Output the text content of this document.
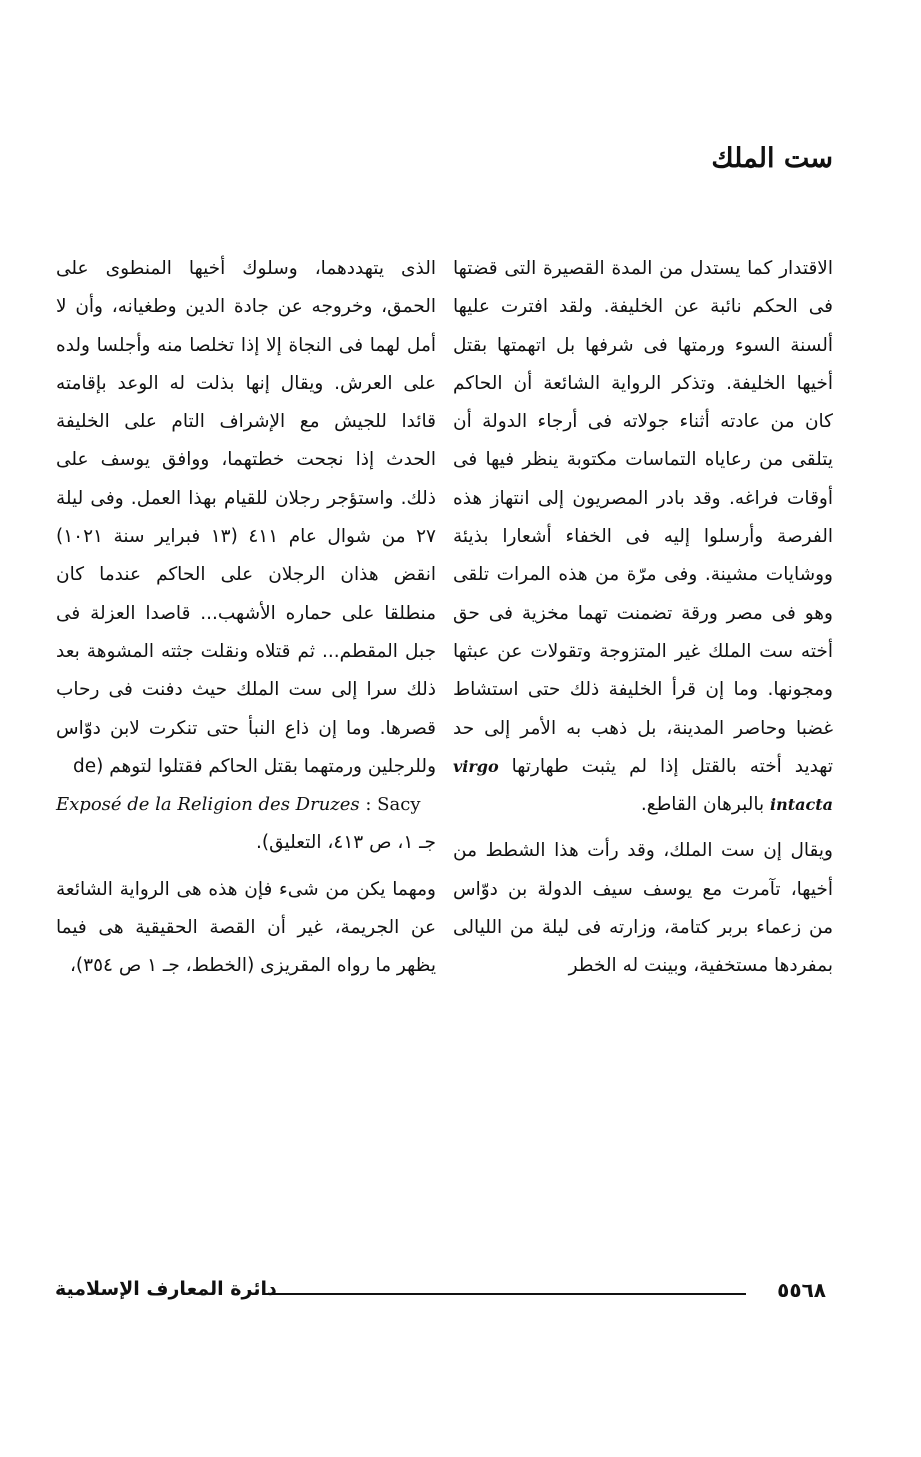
ست الملك

الاقتدار كما يستدل من المدة القصيرة التى قضتها فى الحكم نائبة عن الخليفة. ولقد افترت عليها ألسنة السوء ورمتها فى شرفها بل اتهمتها بقتل أخيها الخليفة. وتذكر الرواية الشائعة أن الحاكم كان من عادته أثناء جولاته فى أرجاء الدولة أن يتلقى من رعاياه التماسات مكتوبة ينظر فيها فى أوقات فراغه. وقد بادر المصريون إلى انتهاز هذه الفرصة وأرسلوا إليه فى الخفاء أشعارا بذيئة ووشايات مشينة. وفى مرّة من هذه المرات تلقى وهو فى مصر ورقة تضمنت تهما مخزية فى حق أخته ست الملك غير المتزوجة وتقولات عن عبثها ومجونها. وما إن قرأ الخليفة ذلك حتى استشاط غضبا وحاصر المدينة، بل ذهب به الأمر إلى حد تهديد أخته بالقتل إذا لم يثبت طهارتها virgo intacta بالبرهان القاطع.

ويقال إن ست الملك، وقد رأت هذا الشطط من أخيها، تآمرت مع يوسف سيف الدولة بن دوّاس من زعماء بربر كتامة، وزارته فى ليلة من الليالى بمفردها مستخفية، وبينت له الخطر

الذى يتهددهما، وسلوك أخيها المنطوى على الحمق، وخروجه عن جادة الدين وطغيانه، وأن لا أمل لهما فى النجاة إلا إذا تخلصا منه وأجلسا ولده على العرش. ويقال إنها بذلت له الوعد بإقامته قائدا للجيش مع الإشراف التام على الخليفة الحدث إذا نجحت خطتهما، ووافق يوسف على ذلك. واستؤجر رجلان للقيام بهذا العمل. وفى ليلة ٢٧ من شوال عام ٤١١ (١٣ فبراير سنة ١٠٢١) انقض هذان الرجلان على الحاكم عندما كان منطلقا على حماره الأشهب... قاصدا العزلة فى جبل المقطم... ثم قتلاه ونقلت جثته المشوهة بعد ذلك سرا إلى ست الملك حيث دفنت فى رحاب قصرها. وما إن ذاع النبأ حتى تنكرت لابن دوّاس وللرجلين ورمتهما بقتل الحاكم فقتلوا لتوهم (de

Exposé de la Religion des Druzes : Sacy

جـ ١، ص ٤١٣، التعليق).

ومهما يكن من شىء فإن هذه هى الرواية الشائعة عن الجريمة، غير أن القصة الحقيقية هى فيما يظهر ما رواه المقريزى (الخطط، جـ ١ ص ٣٥٤)،

٥٥٦٨
دائرة المعارف الإسلامية
